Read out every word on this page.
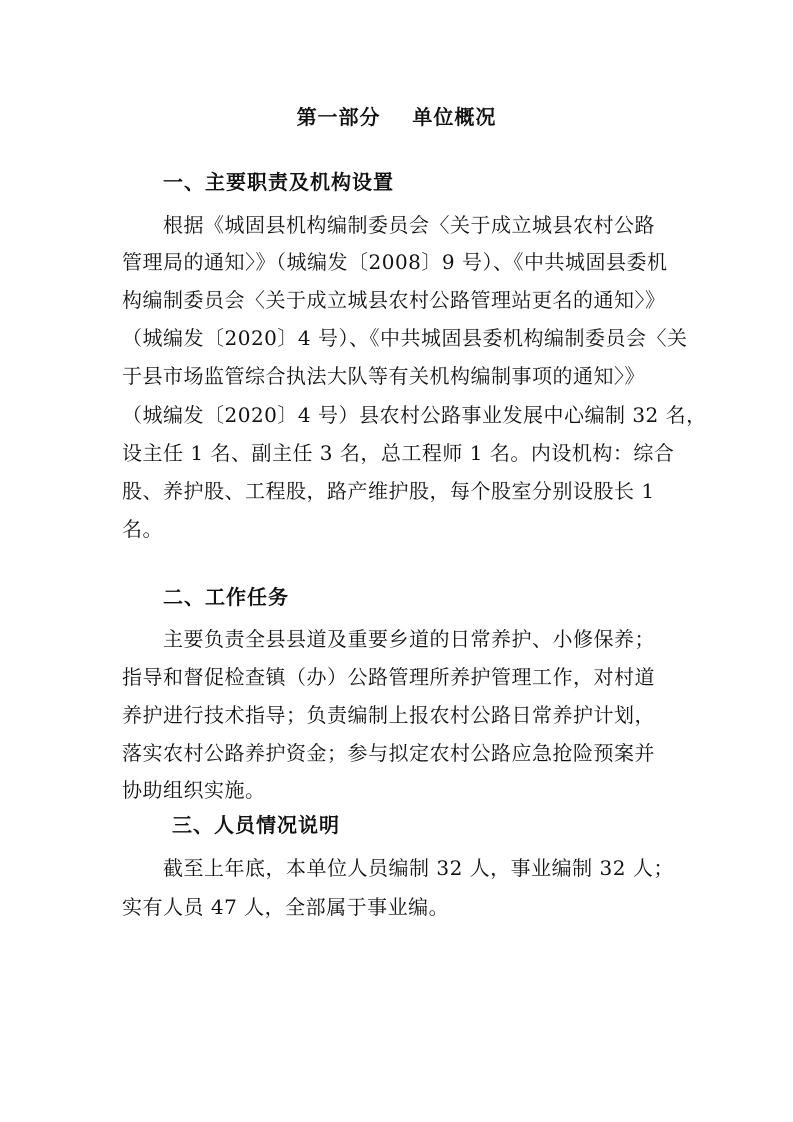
第一部分    单位概况
一、主要职责及机构设置
根据《城固县机构编制委员会〈关于成立城县农村公路
管理局的通知〉》（城编发〔2008〕9 号）、《中共城固县委机
构编制委员会〈关于成立城县农村公路管理站更名的通知〉》
（城编发〔2020〕4 号）、《中共城固县委机构编制委员会〈关
于县市场监管综合执法大队等有关机构编制事项的通知〉》
（城编发〔2020〕4 号）县农村公路事业发展中心编制 32 名，
设主任 1 名、副主任 3 名，总工程师 1 名。内设机构：综合
股、养护股、工程股，路产维护股，每个股室分别设股长 1
名。
二、工作任务
主要负责全县县道及重要乡道的日常养护、小修保养；
指导和督促检查镇（办）公路管理所养护管理工作，对村道
养护进行技术指导；负责编制上报农村公路日常养护计划，
落实农村公路养护资金；参与拟定农村公路应急抢险预案并
协助组织实施。
三、人员情况说明
截至上年底，本单位人员编制 32 人，事业编制 32 人；
实有人员 47 人，全部属于事业编。
